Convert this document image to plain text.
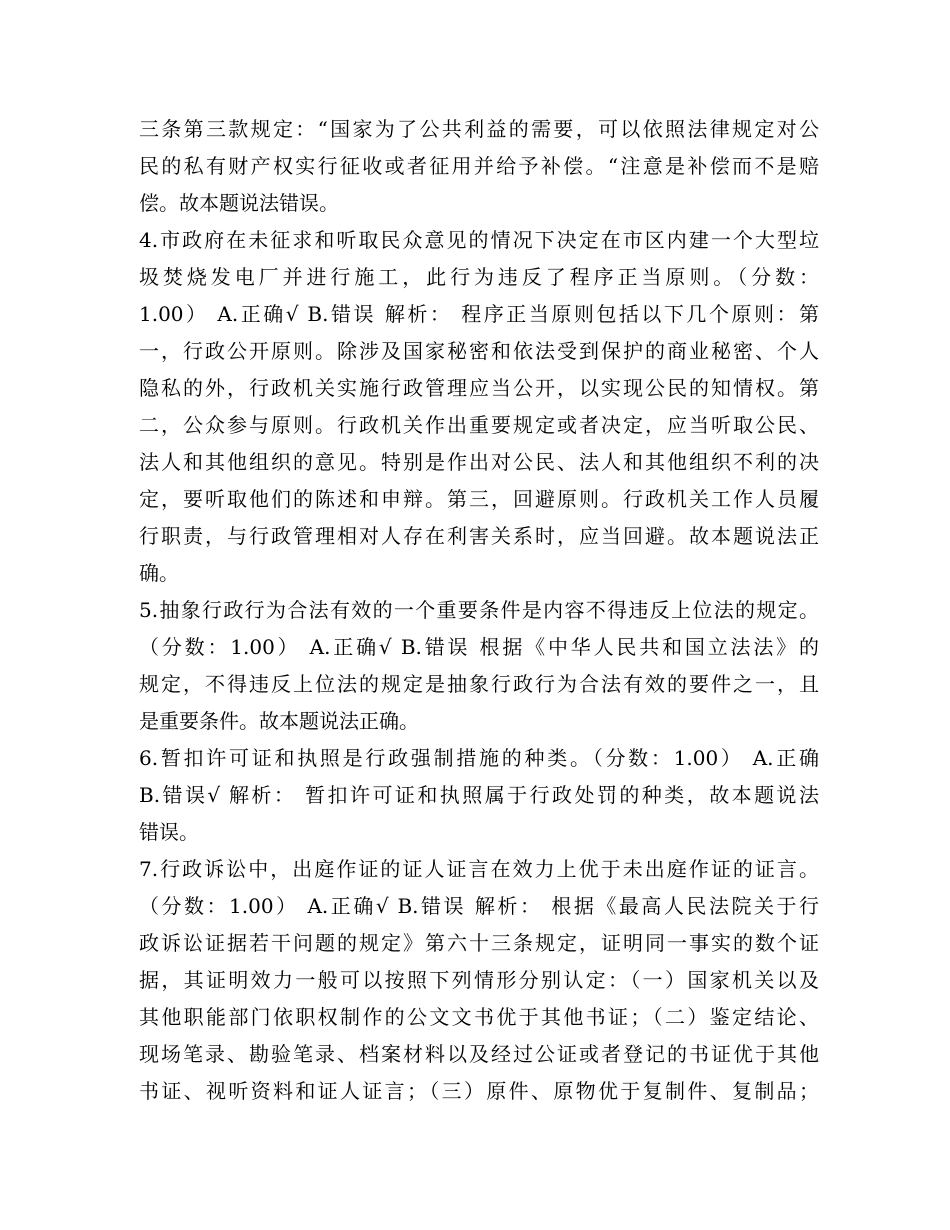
三条第三款规定：“国家为了公共利益的需要，可以依照法律规定对公
民的私有财产权实行征收或者征用并给予补偿。“注意是补偿而不是赔
偿。故本题说法错误。
4.市政府在未征求和听取民众意见的情况下决定在市区内建一个大型垃
圾焚烧发电厂并进行施工，此行为违反了程序正当原则。（分数：
1.00） A.正确√ B.错误 解析： 程序正当原则包括以下几个原则：第
一，行政公开原则。除涉及国家秘密和依法受到保护的商业秘密、个人
隐私的外，行政机关实施行政管理应当公开，以实现公民的知情权。第
二，公众参与原则。行政机关作出重要规定或者决定，应当听取公民、
法人和其他组织的意见。特别是作出对公民、法人和其他组织不利的决
定，要听取他们的陈述和申辩。第三，回避原则。行政机关工作人员履
行职责，与行政管理相对人存在利害关系时，应当回避。故本题说法正
确。
5.抽象行政行为合法有效的一个重要条件是内容不得违反上位法的规定。
（分数：1.00） A.正确√ B.错误 根据《中华人民共和国立法法》的
规定，不得违反上位法的规定是抽象行政行为合法有效的要件之一，且
是重要条件。故本题说法正确。
6.暂扣许可证和执照是行政强制措施的种类。（分数：1.00） A.正确
B.错误√ 解析： 暂扣许可证和执照属于行政处罚的种类，故本题说法
错误。
7.行政诉讼中，出庭作证的证人证言在效力上优于未出庭作证的证言。
（分数：1.00） A.正确√ B.错误 解析： 根据《最高人民法院关于行
政诉讼证据若干问题的规定》第六十三条规定，证明同一事实的数个证
据，其证明效力一般可以按照下列情形分别认定：（一）国家机关以及
其他职能部门依职权制作的公文文书优于其他书证；（二）鉴定结论、
现场笔录、勘验笔录、档案材料以及经过公证或者登记的书证优于其他
书证、视听资料和证人证言；（三）原件、原物优于复制件、复制品；
